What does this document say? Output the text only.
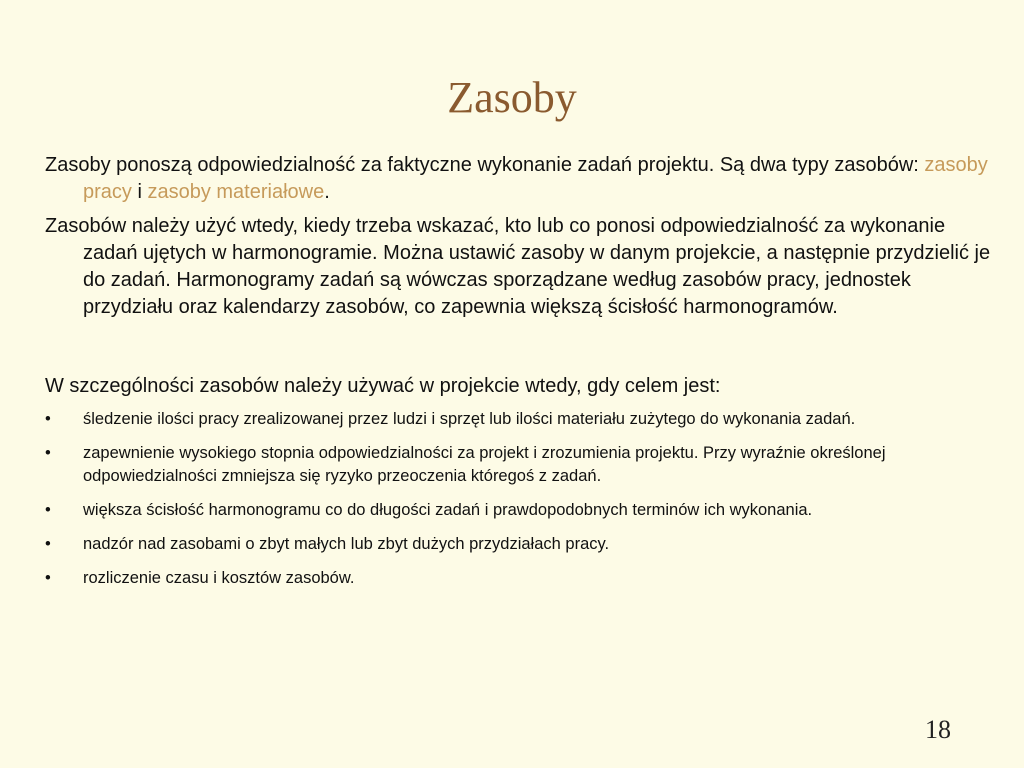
Zasoby

Zasoby ponoszą odpowiedzialność za faktyczne wykonanie zadań projektu. Są dwa typy zasobów: zasoby pracy i zasoby materiałowe.

Zasobów należy użyć wtedy, kiedy trzeba wskazać, kto lub co ponosi odpowiedzialność za wykonanie zadań ujętych w harmonogramie. Można ustawić zasoby w danym projekcie, a następnie przydzielić je do zadań. Harmonogramy zadań są wówczas sporządzane według zasobów pracy, jednostek przydziału oraz kalendarzy zasobów, co zapewnia większą ścisłość harmonogramów.

W szczególności zasobów należy używać w projekcie wtedy, gdy celem jest:

• śledzenie ilości pracy zrealizowanej przez ludzi i sprzęt lub ilości materiału zużytego do wykonania zadań.
• zapewnienie wysokiego stopnia odpowiedzialności za projekt i zrozumienia projektu. Przy wyraźnie określonej odpowiedzialności zmniejsza się ryzyko przeoczenia któregoś z zadań.
• większa ścisłość harmonogramu co do długości zadań i prawdopodobnych terminów ich wykonania.
• nadzór nad zasobami o zbyt małych lub zbyt dużych przydziałach pracy.
• rozliczenie czasu i kosztów zasobów.
18
